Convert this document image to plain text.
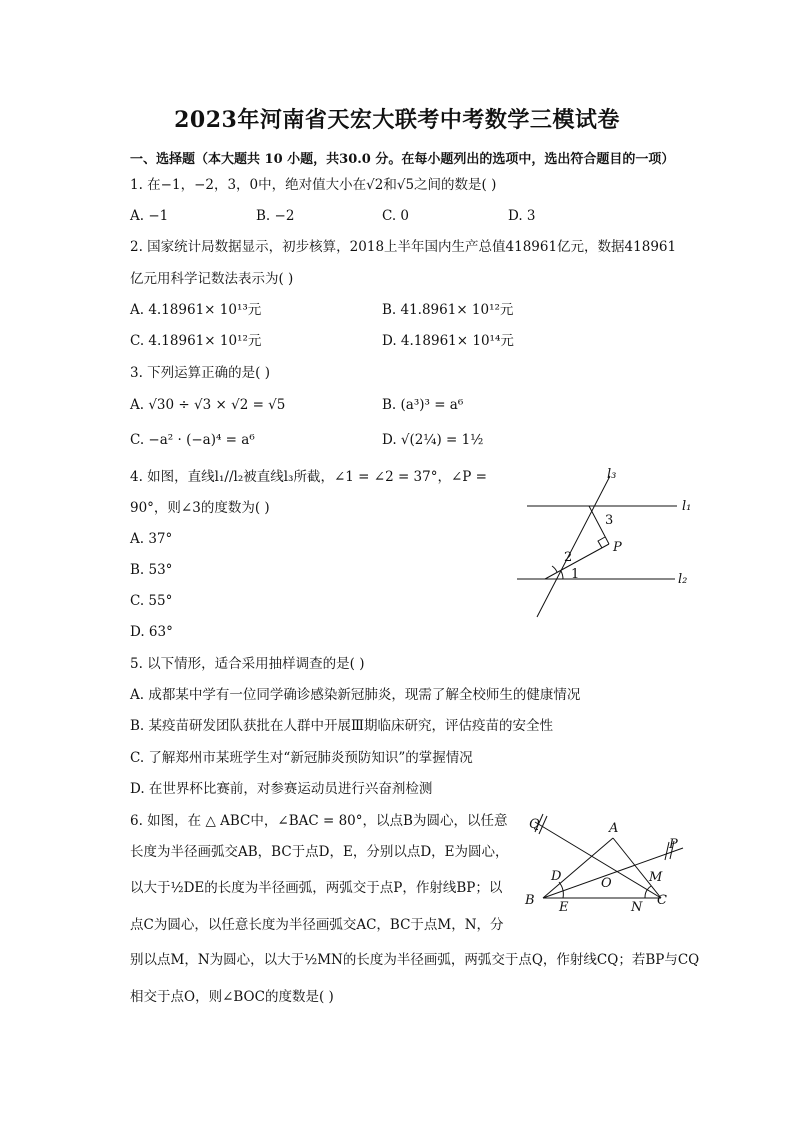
2023年河南省天宏大联考中考数学三模试卷
一、选择题（本大题共 10 小题，共30.0 分。在每小题列出的选项中，选出符合题目的一项）
1. 在−1，−2，3，0中，绝对值大小在√2和√5之间的数是( )
A. −1	B. −2	C. 0	D. 3
2. 国家统计局数据显示，初步核算，2018上半年国内生产总值418961亿元，数据418961
亿元用科学记数法表示为( )
A. 4.18961× 10¹³元	B. 41.8961× 10¹²元
C. 4.18961× 10¹²元	D. 4.18961× 10¹⁴元
3. 下列运算正确的是( )
A. √30 ÷ √3 × √2 = √5	B. (a³)³ = a⁶
C. −a² · (−a)⁴ = a⁶	D. √(2¼) = 1½
4. 如图，直线l₁//l₂被直线l₃所截，∠1 = ∠2 = 37°，∠P =
90°，则∠3的度数为( )
A. 37°
B. 53°
C. 55°
D. 63°
l₃
l₁
l₂
3
2
1
P
5. 以下情形，适合采用抽样调查的是( )
A. 成都某中学有一位同学确诊感染新冠肺炎，现需了解全校师生的健康情况
B. 某疫苗研发团队获批在人群中开展Ⅲ期临床研究，评估疫苗的安全性
C. 了解郑州市某班学生对“新冠肺炎预防知识”的掌握情况
D. 在世界杯比赛前，对参赛运动员进行兴奋剂检测
6. 如图，在 △ ABC中，∠BAC = 80°，以点B为圆心，以任意
长度为半径画弧交AB，BC于点D，E，分别以点D，E为圆心，
以大于½DE的长度为半径画弧，两弧交于点P，作射线BP；以
点C为圆心，以任意长度为半径画弧交AC，BC于点M，N，分
别以点M，N为圆心，以大于½MN的长度为半径画弧，两弧交于点Q，作射线CQ；若BP与CQ
相交于点O，则∠BOC的度数是( )
Q	A
P
D	O	M
B E	N C
